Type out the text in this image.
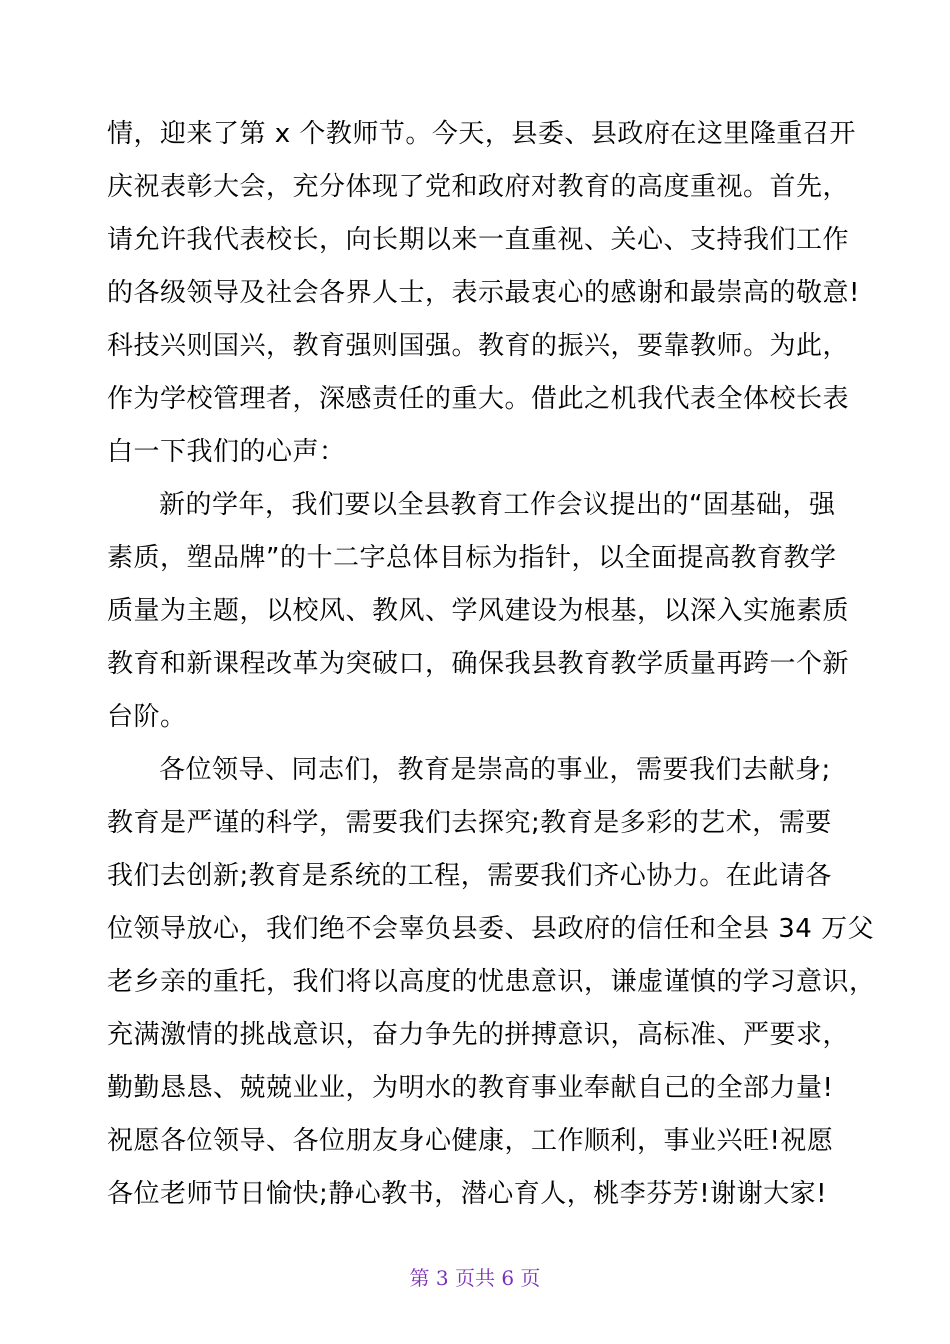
情，迎来了第 x 个教师节。今天，县委、县政府在这里隆重召开
庆祝表彰大会，充分体现了党和政府对教育的高度重视。首先，
请允许我代表校长，向长期以来一直重视、关心、支持我们工作
的各级领导及社会各界人士，表示最衷心的感谢和最崇高的敬意!
科技兴则国兴，教育强则国强。教育的振兴，要靠教师。为此，
作为学校管理者，深感责任的重大。借此之机我代表全体校长表
白一下我们的心声：
新的学年，我们要以全县教育工作会议提出的“固基础，强
素质，塑品牌”的十二字总体目标为指针，以全面提高教育教学
质量为主题，以校风、教风、学风建设为根基，以深入实施素质
教育和新课程改革为突破口，确保我县教育教学质量再跨一个新
台阶。
各位领导、同志们，教育是崇高的事业，需要我们去献身;
教育是严谨的科学，需要我们去探究;教育是多彩的艺术，需要
我们去创新;教育是系统的工程，需要我们齐心协力。在此请各
位领导放心，我们绝不会辜负县委、县政府的信任和全县 34 万父
老乡亲的重托，我们将以高度的忧患意识，谦虚谨慎的学习意识，
充满激情的挑战意识，奋力争先的拼搏意识，高标准、严要求，
勤勤恳恳、兢兢业业，为明水的教育事业奉献自己的全部力量!
祝愿各位领导、各位朋友身心健康，工作顺利，事业兴旺!祝愿
各位老师节日愉快;静心教书，潜心育人，桃李芬芳!谢谢大家!
第 3 页共 6 页
